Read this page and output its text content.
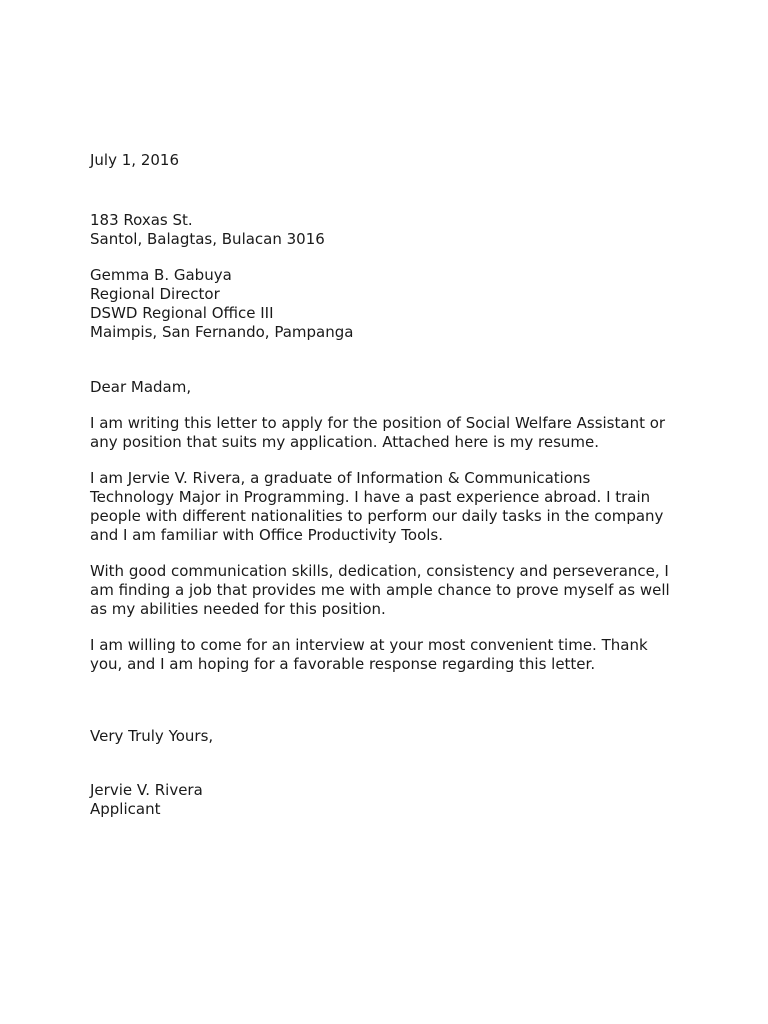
July 1, 2016
183 Roxas St.
Santol, Balagtas, Bulacan 3016
Gemma B. Gabuya
Regional Director
DSWD Regional Office III
Maimpis, San Fernando, Pampanga
Dear Madam,
I am writing this letter to apply for the position of Social Welfare Assistant or
any position that suits my application. Attached here is my resume.
I am Jervie V. Rivera, a graduate of Information & Communications
Technology Major in Programming. I have a past experience abroad. I train
people with different nationalities to perform our daily tasks in the company
and I am familiar with Office Productivity Tools.
With good communication skills, dedication, consistency and perseverance, I
am finding a job that provides me with ample chance to prove myself as well
as my abilities needed for this position.
I am willing to come for an interview at your most convenient time. Thank
you, and I am hoping for a favorable response regarding this letter.
Very Truly Yours,
Jervie V. Rivera
Applicant
